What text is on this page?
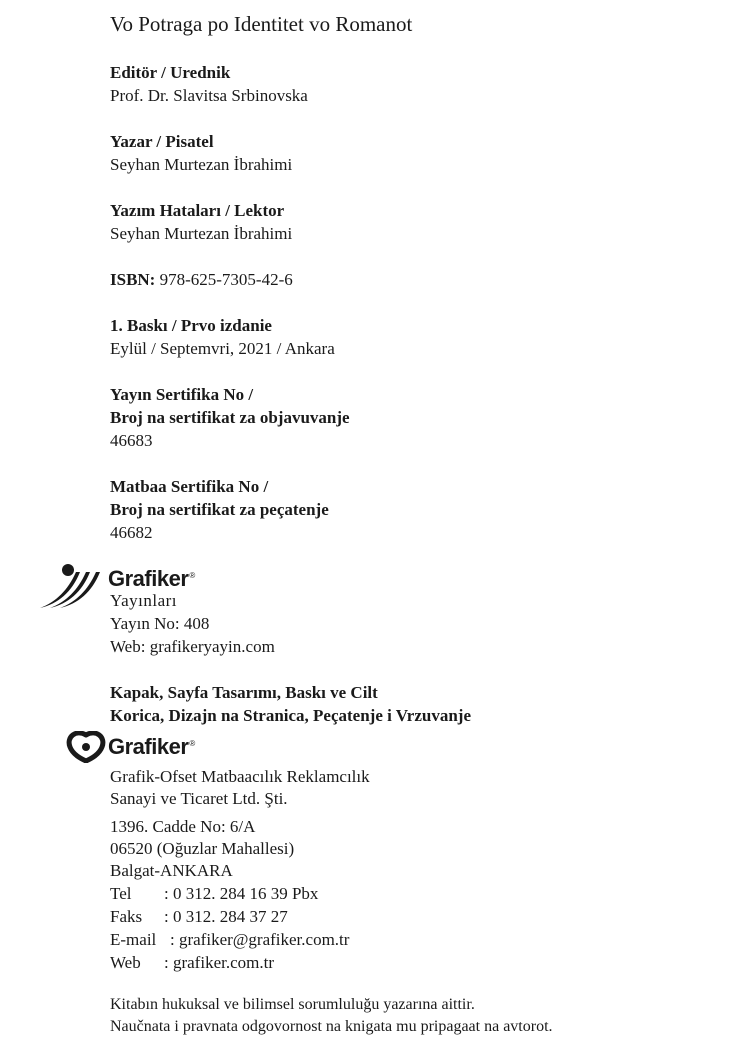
Vo Potraga po Identitet vo Romanot
Editör / Urednik
Prof. Dr. Slavitsa Srbinovska
Yazar / Pisatel
Seyhan Murtezan İbrahimi
Yazım Hataları / Lektor
Seyhan Murtezan İbrahimi
ISBN: 978-625-7305-42-6
1. Baskı / Prvo izdanie
Eylül / Septemvri, 2021 / Ankara
Yayın Sertifika No /
Broj na sertifikat za objavuvanje
46683
Matbaa Sertifika No /
Broj na sertifikat za peçatenje
46682
Grafiker®
Yayınları
Yayın No: 408
Web: grafikeryayin.com
Kapak, Sayfa Tasarımı, Baskı ve Cilt
Korica, Dizajn na Stranica, Peçatenje i Vrzuvanje
Grafiker®
Grafik-Ofset Matbaacılık Reklamcılık
Sanayi ve Ticaret Ltd. Şti.
1396. Cadde No: 6/A
06520 (Oğuzlar Mahallesi)
Balgat-ANKARA
Tel : 0 312. 284 16 39 Pbx
Faks : 0 312. 284 37 27
E-mail : grafiker@grafiker.com.tr
Web : grafiker.com.tr
Kitabın hukuksal ve bilimsel sorumluluğu yazarına aittir.
Naučnata i pravnata odgovornost na knigata mu pripagaat na avtorot.
